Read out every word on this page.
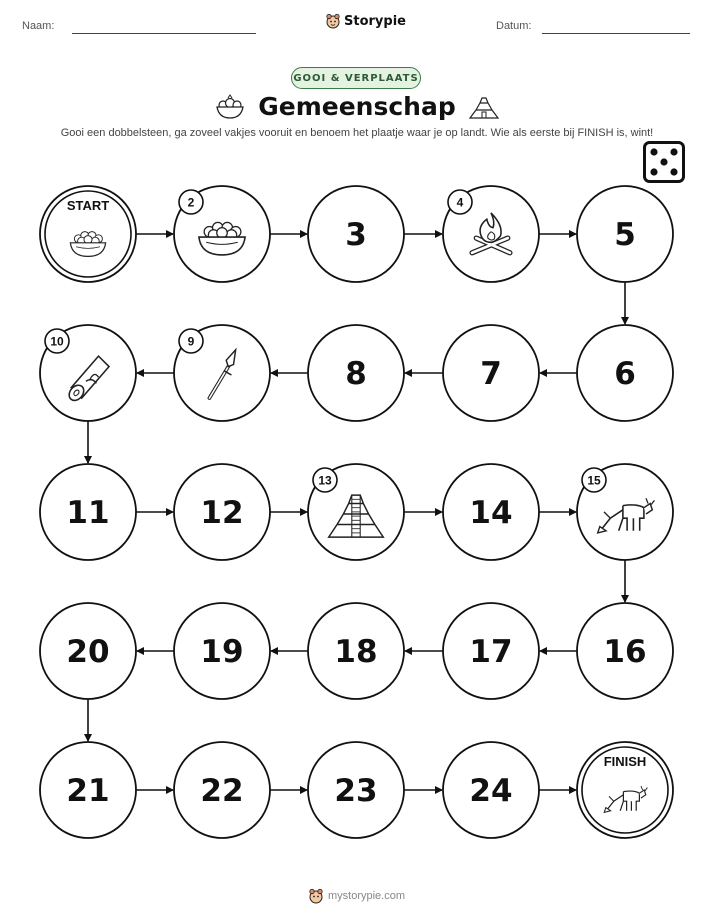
Naam:	Storypie	Datum:
GOOI & VERPLAATS
Gemeenschap
Gooi een dobbelsteen, ga zoveel vakjes vooruit en benoem het plaatje waar je op landt. Wie als eerste bij FINISH is, wint!
START	2
3
4
5
6
7
8
9
10
11	12
13
14
15
16
17
18
19
20
21	22	23	24
FINISH
mystorypie.com
